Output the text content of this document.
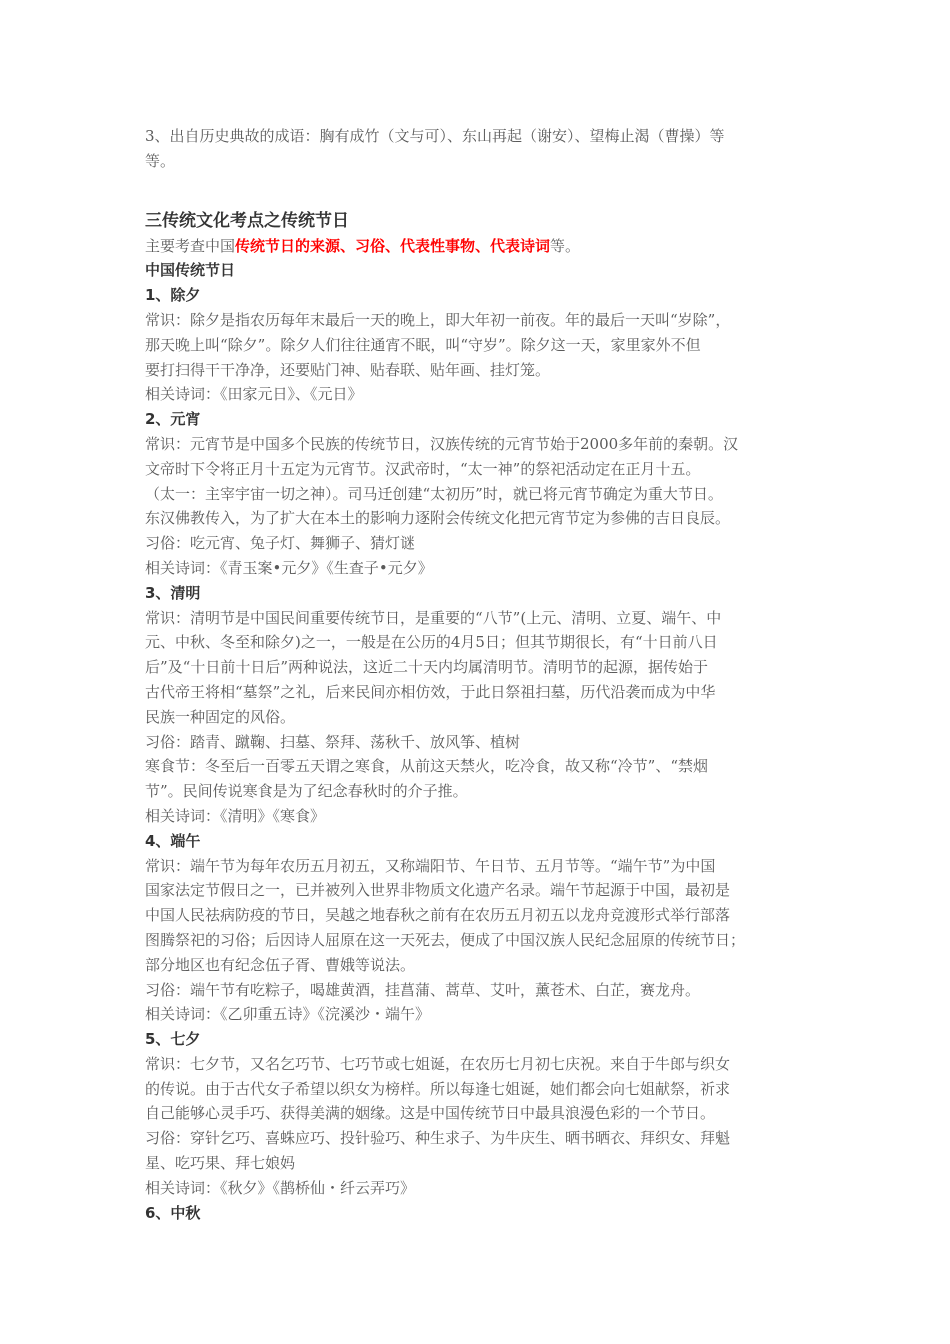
3、出自历史典故的成语：胸有成竹（文与可）、东山再起（谢安）、望梅止渴（曹操）等

等。

三传统文化考点之传统节日

主要考查中国传统节日的来源、习俗、代表性事物、代表诗词等。

中国传统节日

1、除夕

常识：除夕是指农历每年末最后一天的晚上，即大年初一前夜。年的最后一天叫“岁除”，

那天晚上叫“除夕”。除夕人们往往通宵不眠，叫“守岁”。除夕这一天，家里家外不但

要打扫得干干净净，还要贴门神、贴春联、贴年画、挂灯笼。

相关诗词：《田家元日》、《元日》

2、元宵

常识：元宵节是中国多个民族的传统节日，汉族传统的元宵节始于2000多年前的秦朝。汉

文帝时下令将正月十五定为元宵节。汉武帝时，“太一神”的祭祀活动定在正月十五。

（太一：主宰宇宙一切之神）。司马迁创建“太初历”时，就已将元宵节确定为重大节日。

东汉佛教传入，为了扩大在本土的影响力逐附会传统文化把元宵节定为参佛的吉日良辰。

习俗：吃元宵、兔子灯、舞狮子、猜灯谜

相关诗词：《青玉案•元夕》《生查子•元夕》

3、清明

常识：清明节是中国民间重要传统节日，是重要的“八节”(上元、清明、立夏、端午、中

元、中秋、冬至和除夕)之一，一般是在公历的4月5日；但其节期很长，有“十日前八日

后”及“十日前十日后”两种说法，这近二十天内均属清明节。清明节的起源，据传始于

古代帝王将相“墓祭”之礼，后来民间亦相仿效，于此日祭祖扫墓，历代沿袭而成为中华

民族一种固定的风俗。

习俗：踏青、蹴鞠、扫墓、祭拜、荡秋千、放风筝、植树

寒食节：冬至后一百零五天谓之寒食，从前这天禁火，吃冷食，故又称“冷节”、“禁烟

节”。民间传说寒食是为了纪念春秋时的介子推。

相关诗词：《清明》《寒食》

4、端午

常识：端午节为每年农历五月初五，又称端阳节、午日节、五月节等。“端午节”为中国

国家法定节假日之一，已并被列入世界非物质文化遗产名录。端午节起源于中国，最初是

中国人民祛病防疫的节日，吴越之地春秋之前有在农历五月初五以龙舟竞渡形式举行部落

图腾祭祀的习俗；后因诗人屈原在这一天死去，便成了中国汉族人民纪念屈原的传统节日；

部分地区也有纪念伍子胥、曹娥等说法。

习俗：端午节有吃粽子，喝雄黄酒，挂菖蒲、蒿草、艾叶，薰苍术、白芷，赛龙舟。

相关诗词：《乙卯重五诗》《浣溪沙・端午》

5、七夕

常识：七夕节，又名乞巧节、七巧节或七姐诞，在农历七月初七庆祝。来自于牛郎与织女

的传说。由于古代女子希望以织女为榜样。所以每逢七姐诞，她们都会向七姐献祭，祈求

自己能够心灵手巧、获得美满的姻缘。这是中国传统节日中最具浪漫色彩的一个节日。

习俗：穿针乞巧、喜蛛应巧、投针验巧、种生求子、为牛庆生、晒书晒衣、拜织女、拜魁

星、吃巧果、拜七娘妈

相关诗词：《秋夕》《鹊桥仙・纤云弄巧》

6、中秋
